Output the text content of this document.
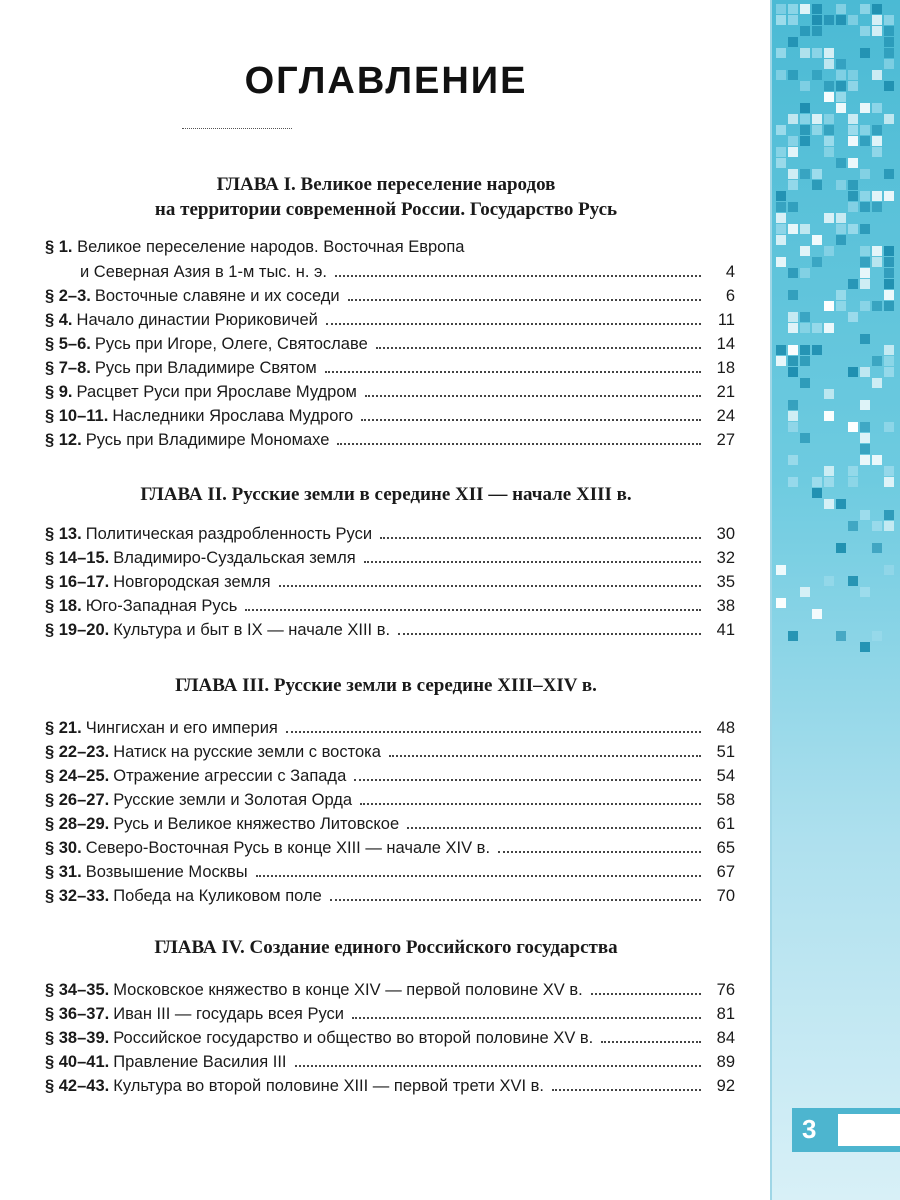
3
ОГЛАВЛЕНИЕ
ГЛАВА I. Великое переселение народов
на территории современной России. Государство Русь
§ 1. Великое переселение народов. Восточная Европа
и Северная Азия в 1-м тыс. н. э.	4
§ 2–3. Восточные славяне и их соседи	6
§ 4. Начало династии Рюриковичей	11
§ 5–6. Русь при Игоре, Олеге, Святославе	14
§ 7–8. Русь при Владимире Святом	18
§ 9. Расцвет Руси при Ярославе Мудром	21
§ 10–11. Наследники Ярослава Мудрого	24
§ 12. Русь при Владимире Мономахе	27
ГЛАВА II. Русские земли в середине XII — начале XIII в.
§ 13. Политическая раздробленность Руси	30
§ 14–15. Владимиро-Суздальская земля	32
§ 16–17. Новгородская земля	35
§ 18. Юго-Западная Русь	38
§ 19–20. Культура и быт в IX — начале XIII в.	41
ГЛАВА III. Русские земли в середине XIII–XIV в.
§ 21. Чингисхан и его империя	48
§ 22–23. Натиск на русские земли с востока	51
§ 24–25. Отражение агрессии с Запада	54
§ 26–27. Русские земли и Золотая Орда	58
§ 28–29. Русь и Великое княжество Литовское	61
§ 30. Северо-Восточная Русь в конце XIII — начале XIV в.	65
§ 31. Возвышение Москвы	67
§ 32–33. Победа на Куликовом поле	70
ГЛАВА IV. Создание единого Российского государства
§ 34–35. Московское княжество в конце XIV — первой половине XV в.	76
§ 36–37. Иван III — государь всея Руси	81
§ 38–39. Российское государство и общество во второй половине XV в.	84
§ 40–41. Правление Василия III	89
§ 42–43. Культура во второй половине XIII — первой трети XVI в.	92
